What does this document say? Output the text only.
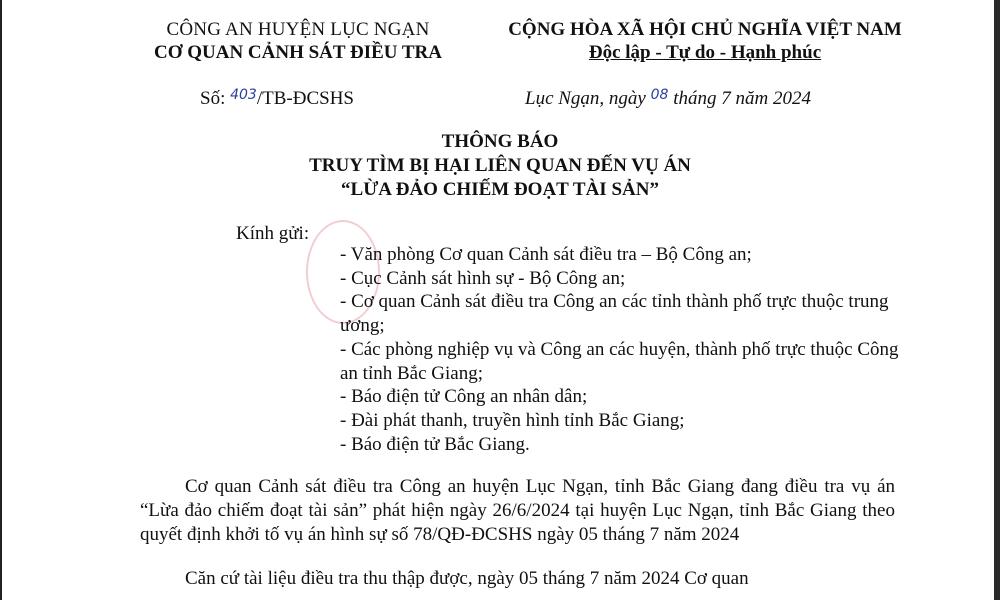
CÔNG AN HUYỆN LỤC NGẠN
CƠ QUAN CẢNH SÁT ĐIỀU TRA
CỘNG HÒA XÃ HỘI CHỦ NGHĨA VIỆT NAM
Độc lập - Tự do - Hạnh phúc
Số: $^{403}$/TB-ĐCSHS	Lục Ngạn, ngày $^{08}$ tháng 7 năm 2024
THÔNG BÁO
TRUY TÌM BỊ HẠI LIÊN QUAN ĐẾN VỤ ÁN
“LỪA ĐẢO CHIẾM ĐOẠT TÀI SẢN”
Kính gửi:
- Văn phòng Cơ quan Cảnh sát điều tra – Bộ Công an;
- Cục Cảnh sát hình sự - Bộ Công an;
- Cơ quan Cảnh sát điều tra Công an các tỉnh thành phố trực thuộc trung ương;
- Các phòng nghiệp vụ và Công an các huyện, thành phố trực thuộc Công an tỉnh Bắc Giang;
- Báo điện tử Công an nhân dân;
- Đài phát thanh, truyền hình tỉnh Bắc Giang;
- Báo điện tử Bắc Giang.

Cơ quan Cảnh sát điều tra Công an huyện Lục Ngạn, tỉnh Bắc Giang đang điều tra vụ án “Lừa đảo chiếm đoạt tài sản” phát hiện ngày 26/6/2024 tại huyện Lục Ngạn, tỉnh Bắc Giang theo quyết định khởi tố vụ án hình sự số 78/QĐ-ĐCSHS ngày 05 tháng 7 năm 2024

Căn cứ tài liệu điều tra thu thập được, ngày 05 tháng 7 năm 2024 Cơ quan
